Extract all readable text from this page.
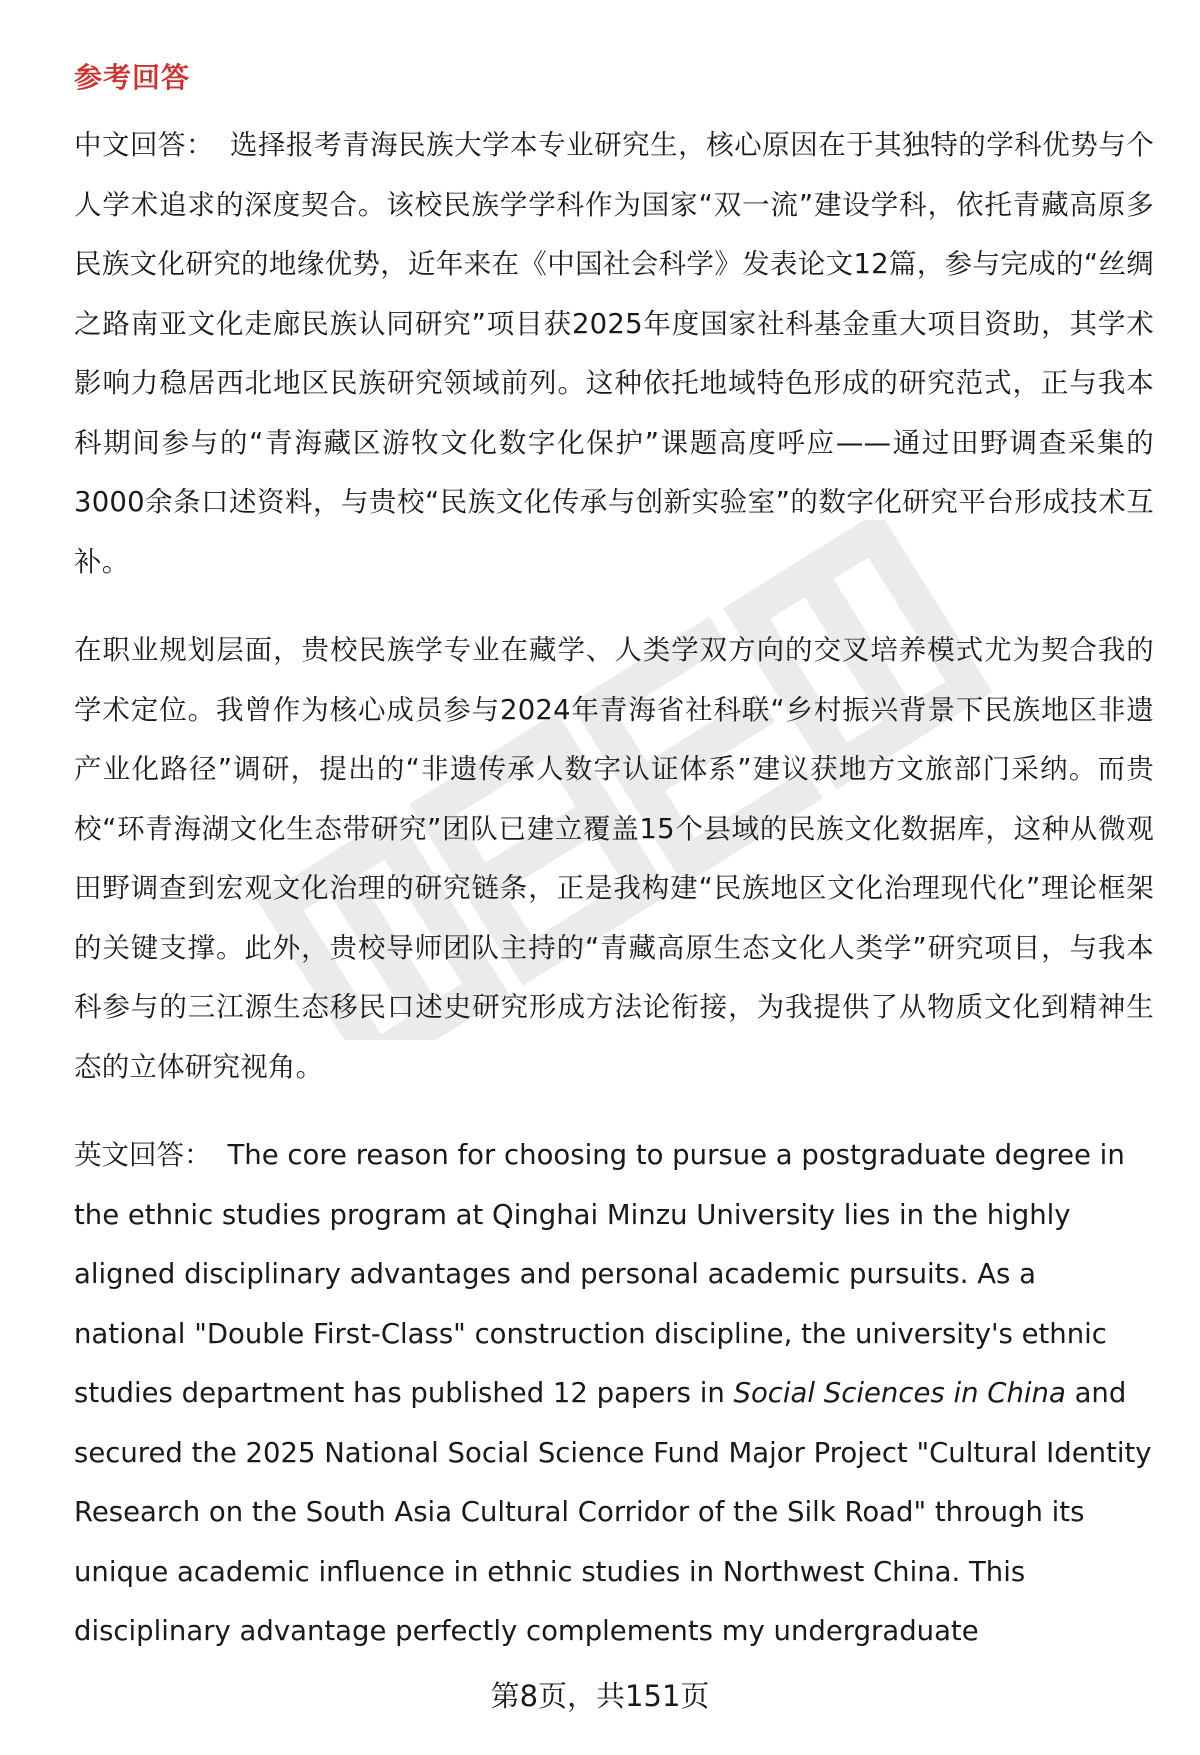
参考回答

中文回答： 选择报考青海民族大学本专业研究生，核心原因在于其独特的学科优势与个人学术追求的深度契合。该校民族学学科作为国家“双一流”建设学科，依托青藏高原多民族文化研究的地缘优势，近年来在《中国社会科学》发表论文12篇，参与完成的“丝绸之路南亚文化走廊民族认同研究”项目获2025年度国家社科基金重大项目资助，其学术影响力稳居西北地区民族研究领域前列。这种依托地域特色形成的研究范式，正与我本科期间参与的“青海藏区游牧文化数字化保护”课题高度呼应——通过田野调查采集的3000余条口述资料，与贵校“民族文化传承与创新实验室”的数字化研究平台形成技术互补。

在职业规划层面，贵校民族学专业在藏学、人类学双方向的交叉培养模式尤为契合我的学术定位。我曾作为核心成员参与2024年青海省社科联“乡村振兴背景下民族地区非遗产业化路径”调研，提出的“非遗传承人数字认证体系”建议获地方文旅部门采纳。而贵校“环青海湖文化生态带研究”团队已建立覆盖15个县域的民族文化数据库，这种从微观田野调查到宏观文化治理的研究链条，正是我构建“民族地区文化治理现代化”理论框架的关键支撑。此外，贵校导师团队主持的“青藏高原生态文化人类学”研究项目，与我本科参与的三江源生态移民口述史研究形成方法论衔接，为我提供了从物质文化到精神生态的立体研究视角。

英文回答： The core reason for choosing to pursue a postgraduate degree in the ethnic studies program at Qinghai Minzu University lies in the highly aligned disciplinary advantages and personal academic pursuits. As a national "Double First-Class" construction discipline, the university's ethnic studies department has published 12 papers in Social Sciences in China and secured the 2025 National Social Science Fund Major Project "Cultural Identity Research on the South Asia Cultural Corridor of the Silk Road" through its unique academic influence in ethnic studies in Northwest China. This disciplinary advantage perfectly complements my undergraduate

第8页，共151页
